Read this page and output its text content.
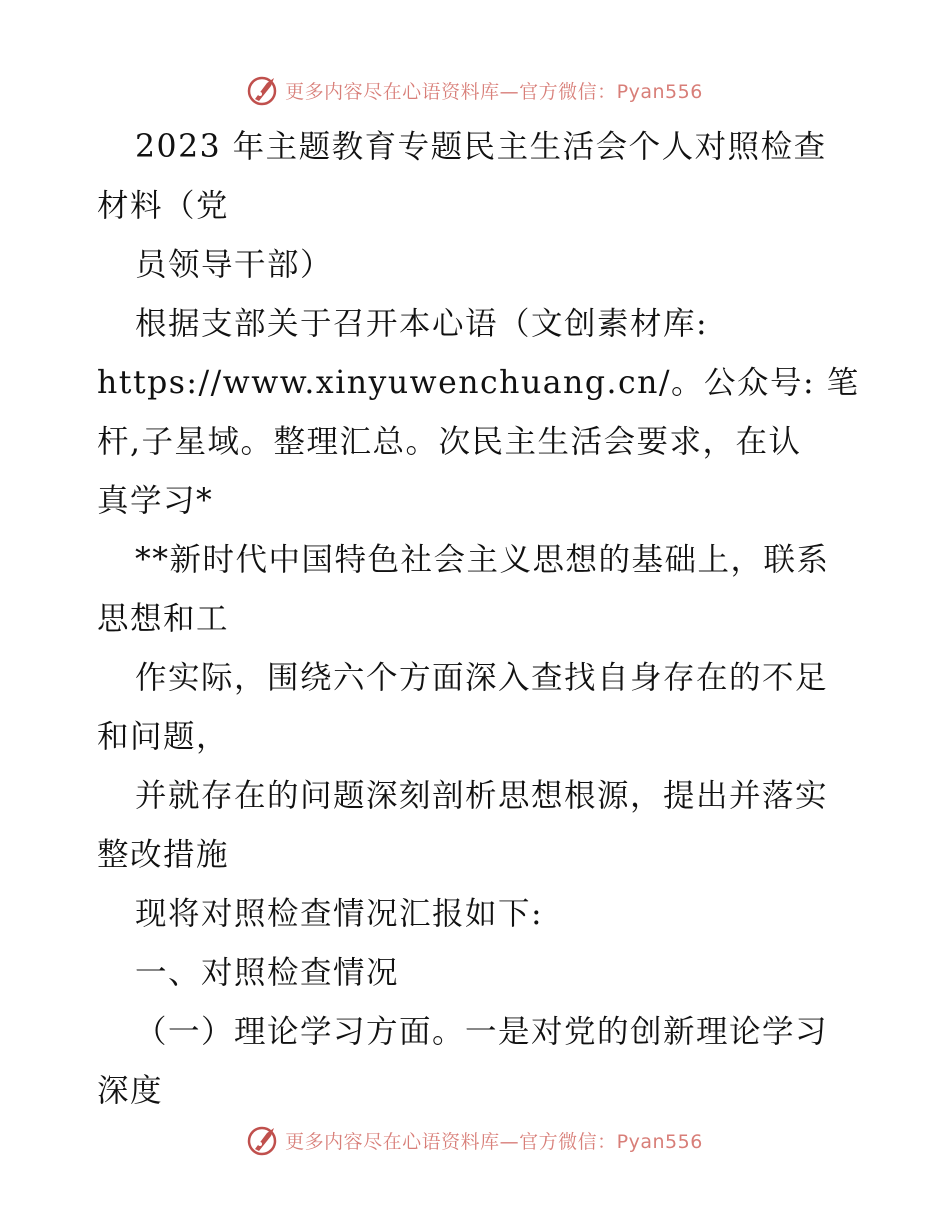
更多内容尽在心语资料库—官方微信：Pyan556
2023 年主题教育专题民主生活会个人对照检查
材料（党
员领导干部）
根据支部关于召开本心语（文创素材库:
https://www.xinyuwenchuang.cn/。公众号: 笔
杆,子星域。整理汇总。次民主生活会要求，在认
真学习*
**新时代中国特色社会主义思想的基础上，联系
思想和工
作实际，围绕六个方面深入查找自身存在的不足
和问题，
并就存在的问题深刻剖析思想根源，提出并落实
整改措施
现将对照检查情况汇报如下:
一、对照检查情况
（一）理论学习方面。一是对党的创新理论学习
深度
更多内容尽在心语资料库—官方微信：Pyan556
